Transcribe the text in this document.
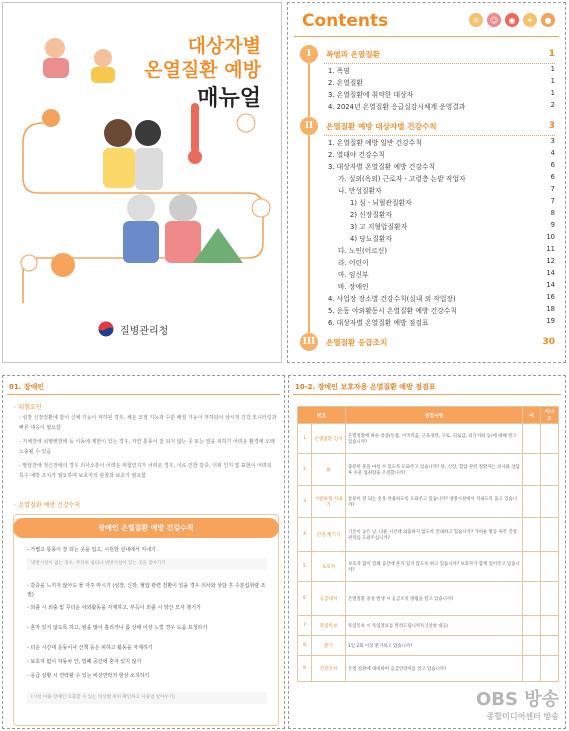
대상자별
온열질환 예방
매뉴얼
질병관리청
Contents	☀	☺	◉	✦	●
I	폭염과 온열질환	1
1. 폭염	1
2. 온열질환	1
3. 온열질환에 취약한 대상자	1
4. 2024년 온열질환 응급실감시체계 운영결과	2
II	온열질환 예방 대상자별 건강수칙	3
1. 온열질환 예방 일반 건강수칙	3
2. 열대야 건강수칙	4
3. 대상자별 온열질환 예방 건강수칙	6
가. 실외(옥외) 근로자ㆍ고령층 논밭 작업자	6
나. 만성질환자	7
1) 심ㆍ뇌혈관질환자	7
2) 신장질환자	8
3) 고 지혈압질환자	9
4) 당뇨질환자	10
다. 노인(어르신)	11
라. 어린이	12
마. 임신부	14
바. 장애인	14
4. 사업장 장소별 건강수칙(실내 외 작업장)	16
5. 운동 야외활동시 온열질환 예방 건강수칙	18
6. 대상자별 온열질환 예방 점검표	19
III	온열질환 응급조치	30
01. 장애인
◦ 위험요인
- 심장 신장질환에 같이 신체 기능이 저하된 경우, 체온 조절 기능과 수분 배설 기능이 저하되어 상시적 건강 모니터링과 빠른 대응이 필요함
- 지체장애 뇌병변장애 등 이동에 제한이 있는 경우, 자연 통풍이 잘 되지 않는 곳 또는 열을 피하기 어려운 환경에 오래 노출될 수 있음
- 발달장애 정신장애의 경우 의사소통이 어려운 위험인지가 어려운 경우, 이로 인한 갈증, 더위 인지 및 표현이 어려워 특수 예방 조치가 필요하며 보호자의 관찰과 보호가 필요함
◦ 온열질환 예방 건강수칙
장애인 온열질환 예방 건강수칙
- 가볍고 통풍이 잘 되는 옷을 입고, 시원한 실내에서 지내기
냉방시설이 없는 경우, 무더위 쉼터나 냉방시설이 있는 곳을 찾아가기
- 갈증을 느끼지 않아도 물 자주 마시기 (심장, 신장, 혈압 관련 질환이 있을 경우 의사와 상담 후 수분섭취량 조절)
- 외출 시 외출 및 무더운 야외활동을 자제하고, 부득이 외출 시 양산 모자 챙기기
- 혼자 있지 않도록 하고, 땀을 많이 흘리거나 몸 상태 이상 느낄 경우 도움 요청하기
- 더운 시간대 운동이나 산책 등은 피하고 활동을 자제하기
- 보호자 없이 자동차 안, 밀폐 공간에 혼자 있지 않기
- 응급 상황 시 연락할 수 있는 비상연락처 항상 소지하기
(시설 이용 장애인 호출할 수 있는 비상벨 위치 확인하고 사용법 알아두기)
10-2. 장애인 보호자용 온열질환 예방 점검표
번호		점검사항	예	아니오
1	온열질환 인지	온열질환에 따른 증상(두통, 어지러움, 근육경련, 구토, 피로감, 의식저하 등)에 대해 알고 있습니까?		
2	물	충분히 물을 마실 수 있도록 도와주고 있습니까? 단, 신장, 혈압 관련 질환자는 의사와 상담 후 수분 섭취량을 조절합니까?		
3	시원하게 지내기	통풍이 잘 되는 옷을 착용하도록 도와주고 있습니까? 냉방시설에서 지내도록 돕고 있습니까?		
4	건강 챙기기	기온이 높은 날, 더운 시간대 외출하지 않도록 안내하고 있습니까? 가벼운 활동 위주 건강 관리를 도와주십니까?		
5	보호자	보호자 없이 밀폐 공간에 혼자 있지 않도록 하고 있습니까? 보호자가 함께 있어주고 있습니까?		
6	응급대처	온열질환 증상 발생 시 응급조치 방법을 알고 있습니까?		
7	폭염특보	폭염특보 시 폭염정보를 알려드립니까?(기상청 대응)		
8	환기	1일 2회 이상 환기하고 있습니까?		
9	건강조치	온열 질환에 대비하여 응급연락처를 알고 있습니까?		
OBS 방송
종합미디어센터 방송
